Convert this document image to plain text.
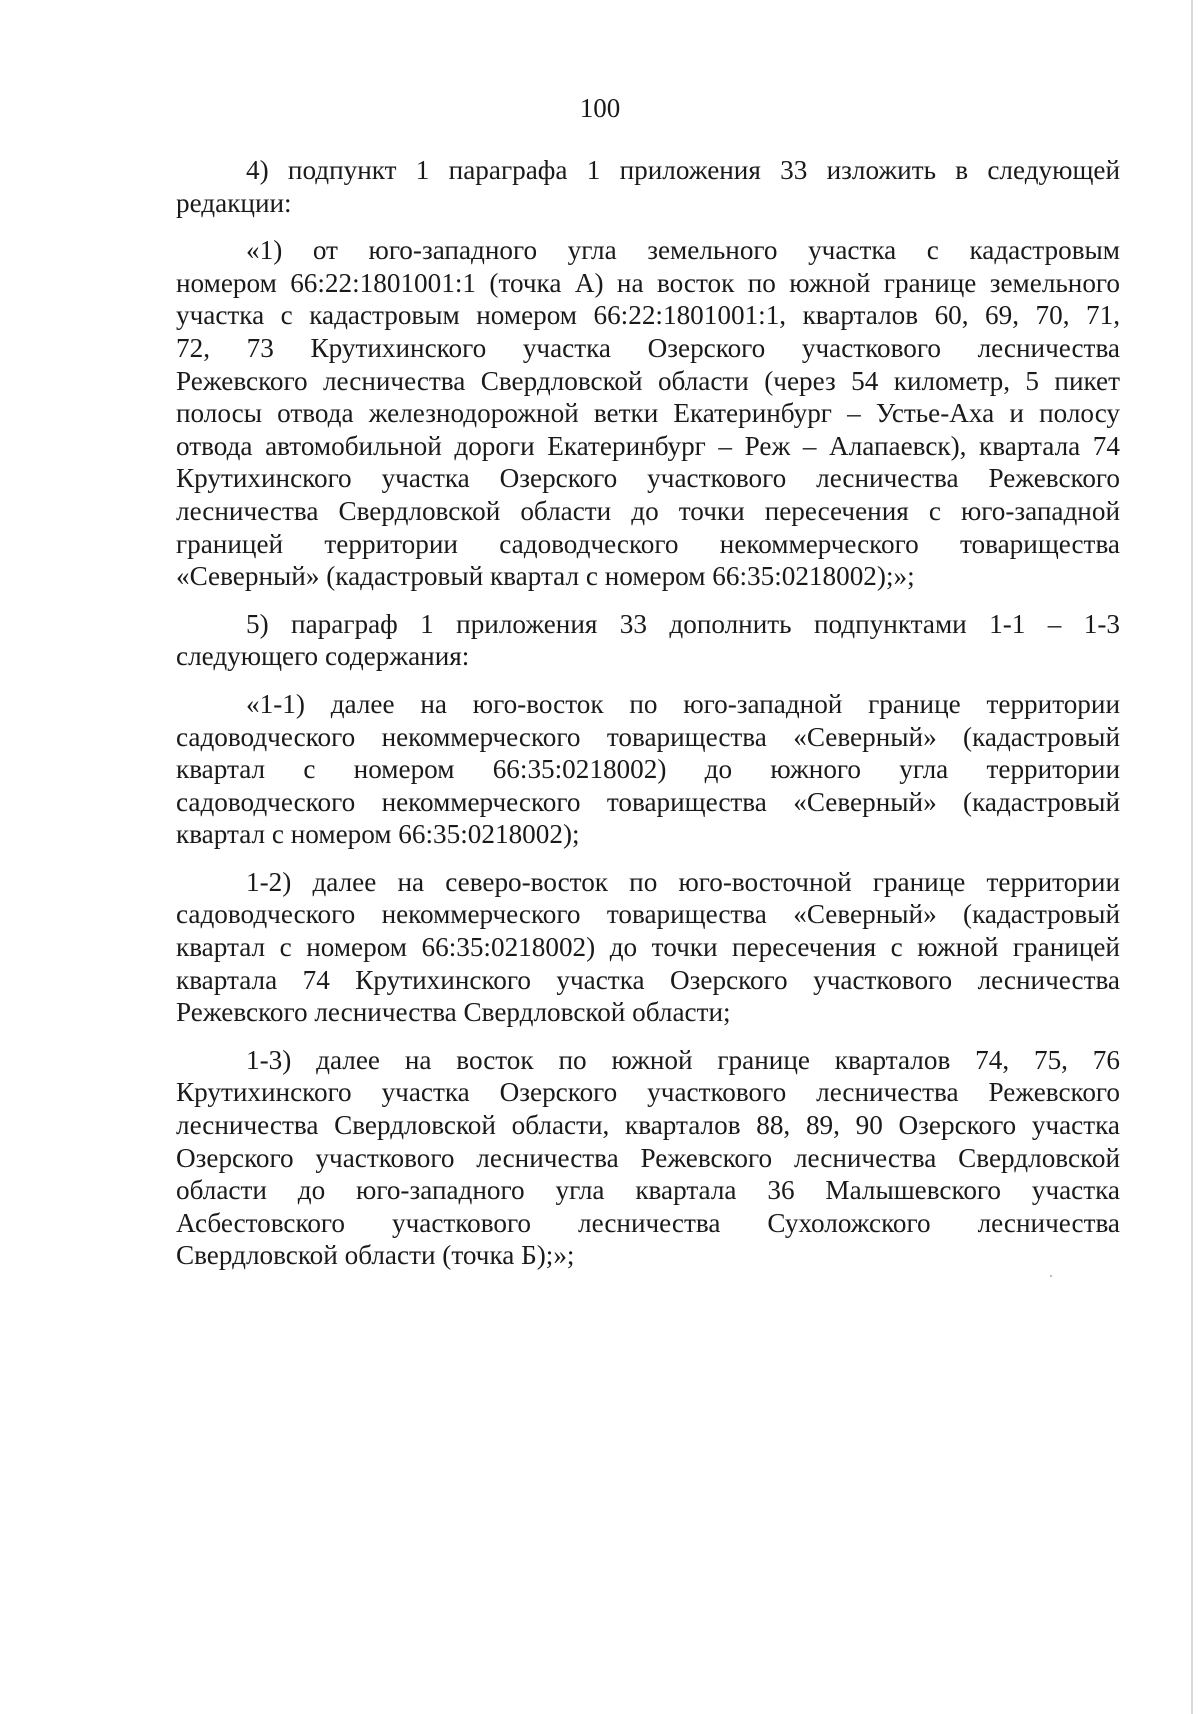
100
4) подпункт 1 параграфа 1 приложения 33 изложить в следующей
редакции:
«1) от юго-западного угла земельного участка с кадастровым
номером 66:22:1801001:1 (точка А) на восток по южной границе земельного
участка с кадастровым номером 66:22:1801001:1, кварталов 60, 69, 70, 71,
72, 73 Крутихинского участка Озерского участкового лесничества
Режевского лесничества Свердловской области (через 54 километр, 5 пикет
полосы отвода железнодорожной ветки Екатеринбург – Устье-Аха и полосу
отвода автомобильной дороги Екатеринбург – Реж – Алапаевск), квартала 74
Крутихинского участка Озерского участкового лесничества Режевского
лесничества Свердловской области до точки пересечения с юго-западной
границей территории садоводческого некоммерческого товарищества
«Северный» (кадастровый квартал с номером 66:35:0218002);»;
5) параграф 1 приложения 33 дополнить подпунктами 1-1 – 1-3
следующего содержания:
«1-1) далее на юго-восток по юго-западной границе территории
садоводческого некоммерческого товарищества «Северный» (кадастровый
квартал с номером 66:35:0218002) до южного угла территории
садоводческого некоммерческого товарищества «Северный» (кадастровый
квартал с номером 66:35:0218002);
1-2) далее на северо-восток по юго-восточной границе территории
садоводческого некоммерческого товарищества «Северный» (кадастровый
квартал с номером 66:35:0218002) до точки пересечения с южной границей
квартала 74 Крутихинского участка Озерского участкового лесничества
Режевского лесничества Свердловской области;
1-3) далее на восток по южной границе кварталов 74, 75, 76
Крутихинского участка Озерского участкового лесничества Режевского
лесничества Свердловской области, кварталов 88, 89, 90 Озерского участка
Озерского участкового лесничества Режевского лесничества Свердловской
области до юго-западного угла квартала 36 Малышевского участка
Асбестовского участкового лесничества Сухоложского лесничества
Свердловской области (точка Б);»;
